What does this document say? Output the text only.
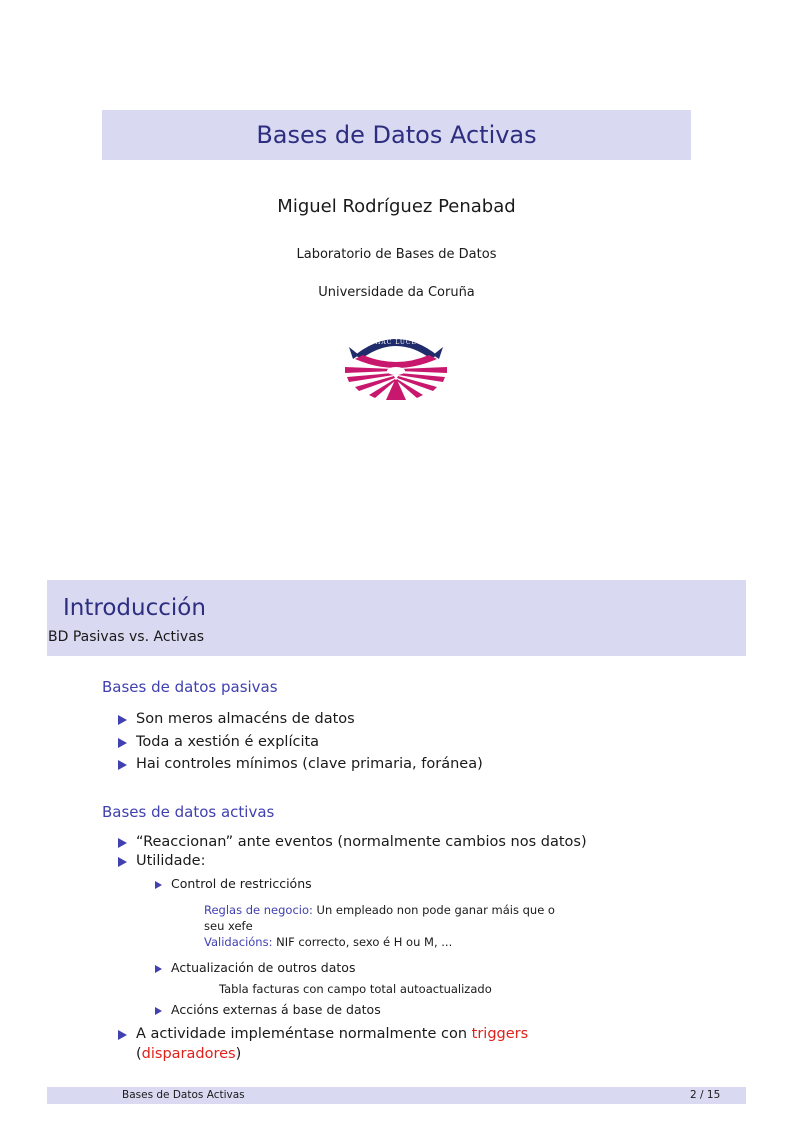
Bases de Datos Activas
Miguel Rodríguez Penabad
Laboratorio de Bases de Datos
Universidade da Coruña
HAC LUCE
Introducción
BD Pasivas vs. Activas
Bases de datos pasivas
Son meros almacéns de datos
Toda a xestión é explícita
Hai controles mínimos (clave primaria, foránea)
Bases de datos activas
“Reaccionan” ante eventos (normalmente cambios nos datos)
Utilidade:
Control de restriccións
Reglas de negocio: Un empleado non pode ganar máis que o
seu xefe
Validacións: NIF correcto, sexo é H ou M, ...
Actualización de outros datos
Tabla facturas con campo total autoactualizado
Accións externas á base de datos
A actividade impleméntase normalmente con triggers
(disparadores)
Bases de Datos Activas	2 / 15
